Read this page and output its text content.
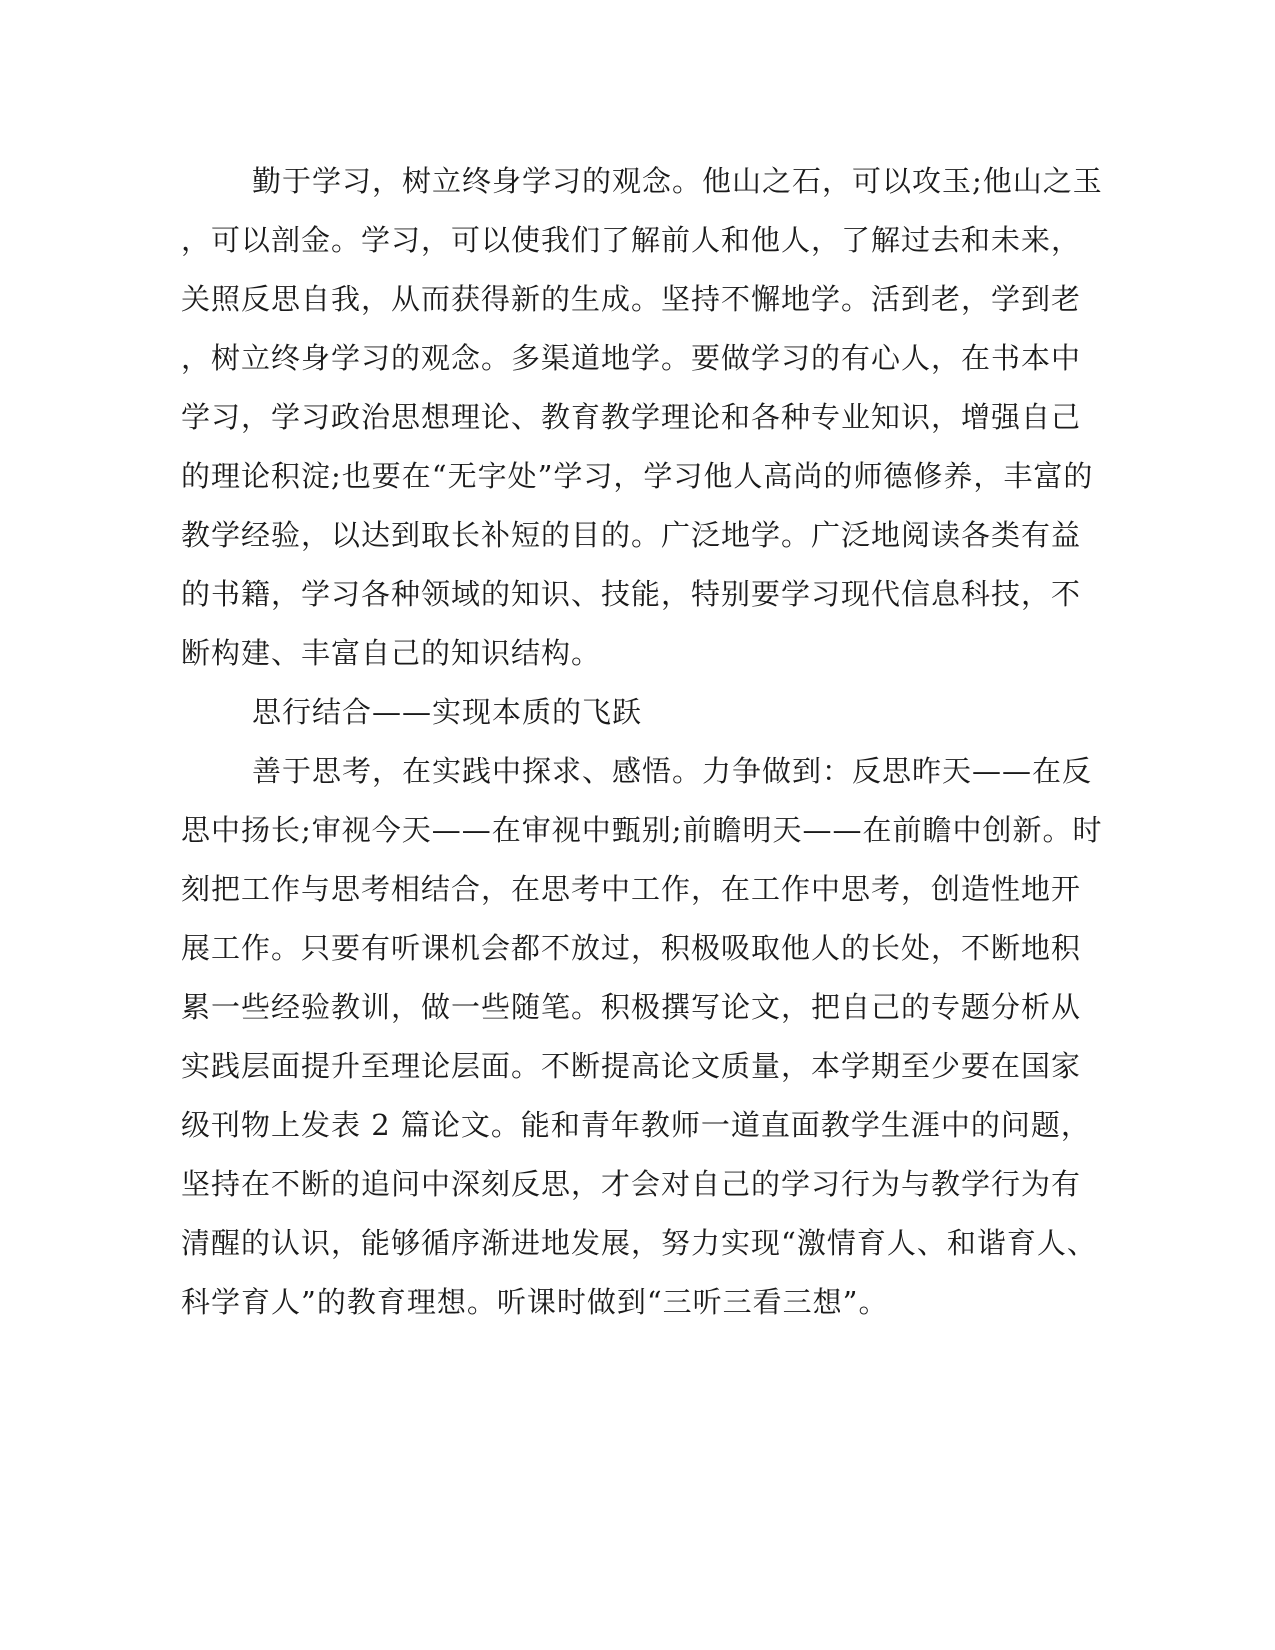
勤于学习，树立终身学习的观念。他山之石，可以攻玉;他山之玉
，可以剖金。学习，可以使我们了解前人和他人，了解过去和未来，
关照反思自我，从而获得新的生成。坚持不懈地学。活到老，学到老
，树立终身学习的观念。多渠道地学。要做学习的有心人，在书本中
学习，学习政治思想理论、教育教学理论和各种专业知识，增强自己
的理论积淀;也要在“无字处”学习，学习他人高尚的师德修养，丰富的
教学经验，以达到取长补短的目的。广泛地学。广泛地阅读各类有益
的书籍，学习各种领域的知识、技能，特别要学习现代信息科技，不
断构建、丰富自己的知识结构。
思行结合——实现本质的飞跃
善于思考，在实践中探求、感悟。力争做到：反思昨天——在反
思中扬长;审视今天——在审视中甄别;前瞻明天——在前瞻中创新。时
刻把工作与思考相结合，在思考中工作，在工作中思考，创造性地开
展工作。只要有听课机会都不放过，积极吸取他人的长处，不断地积
累一些经验教训，做一些随笔。积极撰写论文，把自己的专题分析从
实践层面提升至理论层面。不断提高论文质量，本学期至少要在国家
级刊物上发表 2 篇论文。能和青年教师一道直面教学生涯中的问题，
坚持在不断的追问中深刻反思，才会对自己的学习行为与教学行为有
清醒的认识，能够循序渐进地发展，努力实现“激情育人、和谐育人、
科学育人”的教育理想。听课时做到“三听三看三想”。
